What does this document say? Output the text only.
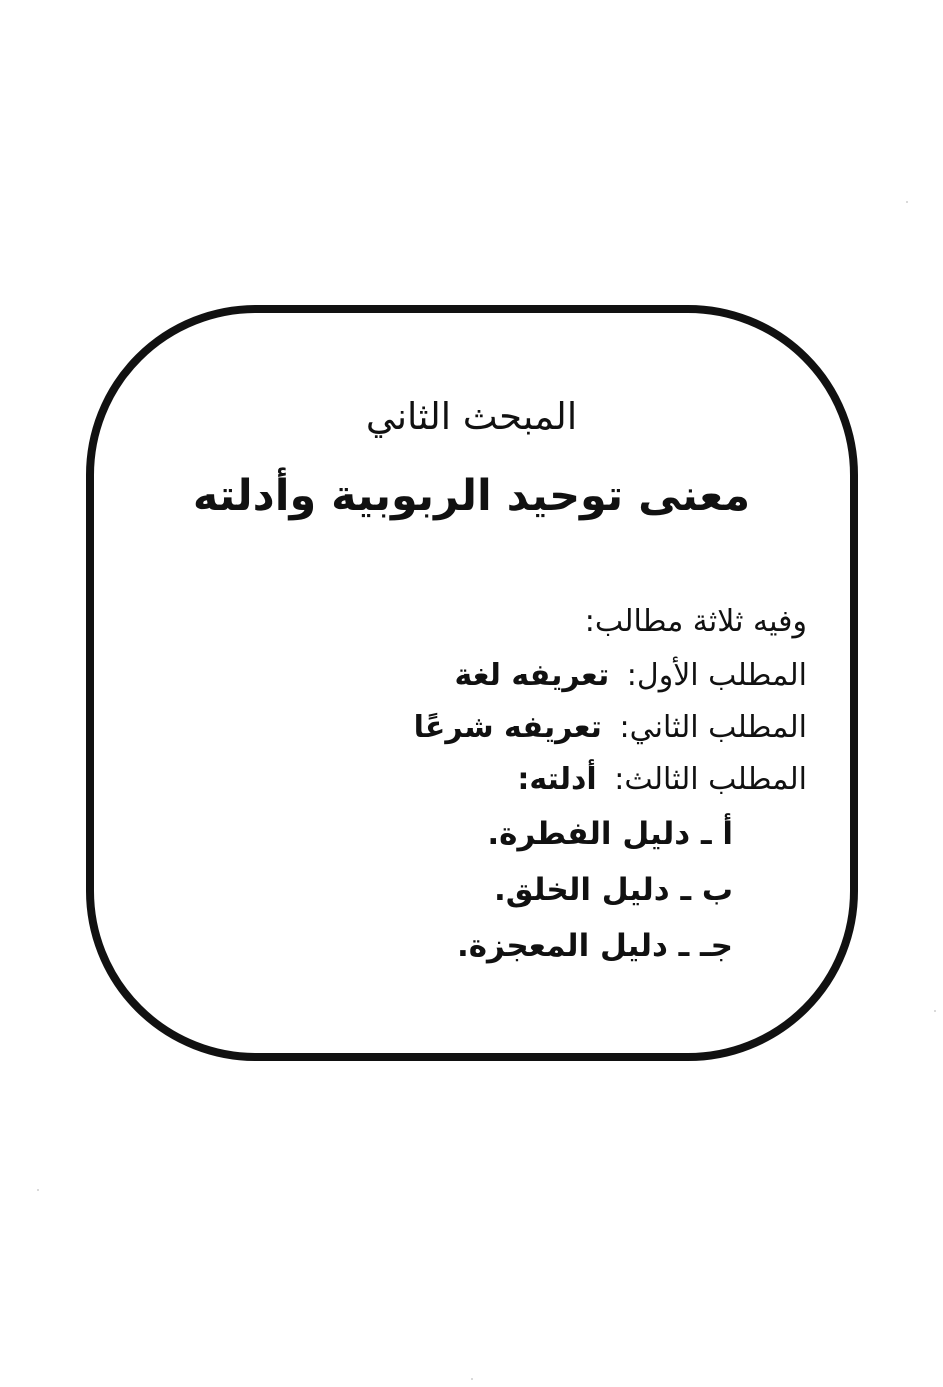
المبحث الثاني
معنى توحيد الربوبية وأدلته
وفيه ثلاثة مطالب:
المطلب الأول: تعريفه لغة
المطلب الثاني: تعريفه شرعًا
المطلب الثالث: أدلته:
أ ـ دليل الفطرة.
ب ـ دليل الخلق.
جـ ـ دليل المعجزة.
